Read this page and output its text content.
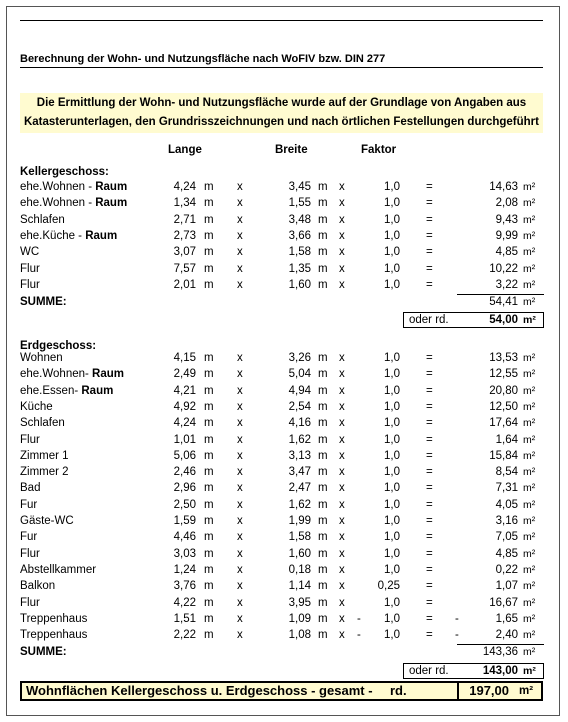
Berechnung der Wohn- und Nutzungsfläche nach WoFIV bzw. DIN 277
Die Ermittlung der Wohn- und Nutzungsfläche wurde auf der Grundlage von Angaben aus
Katasterunterlagen, den Grundrisszeichnungen und nach örtlichen Festellungen durchgeführt
Lange	Breite	Faktor
Kellergeschoss:
ehe.Wohnen - Raum	4,24 m x	3,45 m x	1,0 =	14,63 m²
ehe.Wohnen - Raum	1,34 m x	1,55 m x	1,0 =	2,08 m²
Schlafen	2,71 m x	3,48 m x	1,0 =	9,43 m²
ehe.Küche - Raum	2,73 m x	3,66 m x	1,0 =	9,99 m²
WC	3,07 m x	1,58 m x	1,0 =	4,85 m²
Flur	7,57 m x	1,35 m x	1,0 =	10,22 m²
Flur	2,01 m x	1,60 m x	1,0 =	3,22 m²
SUMME:	54,41 m²
oder rd.	54,00 m²
Erdgeschoss:
Wohnen	4,15 m x	3,26 m x	1,0 =	13,53 m²
ehe.Wohnen- Raum	2,49 m x	5,04 m x	1,0 =	12,55 m²
ehe.Essen- Raum	4,21 m x	4,94 m x	1,0 =	20,80 m²
Küche	4,92 m x	2,54 m x	1,0 =	12,50 m²
Schlafen	4,24 m x	4,16 m x	1,0 =	17,64 m²
Flur	1,01 m x	1,62 m x	1,0 =	1,64 m²
Zimmer 1	5,06 m x	3,13 m x	1,0 =	15,84 m²
Zimmer 2	2,46 m x	3,47 m x	1,0 =	8,54 m²
Bad	2,96 m x	2,47 m x	1,0 =	7,31 m²
Fur	2,50 m x	1,62 m x	1,0 =	4,05 m²
Gäste-WC	1,59 m x	1,99 m x	1,0 =	3,16 m²
Fur	4,46 m x	1,58 m x	1,0 =	7,05 m²
Flur	3,03 m x	1,60 m x	1,0 =	4,85 m²
Abstellkammer	1,24 m x	0,18 m x	1,0 =	0,22 m²
Balkon	3,76 m x	1,14 m x	0,25 =	1,07 m²
Flur	4,22 m x	3,95 m x	1,0 =	16,67 m²
Treppenhaus	1,51 m x	1,09 m x -	1,0 = -	1,65 m²
Treppenhaus	2,22 m x	1,08 m x -	1,0 = -	2,40 m²
SUMME:	143,36 m²
oder rd.	143,00 m²
Wohnflächen Kellergeschoss u. Erdgeschoss - gesamt - rd.	197,00 m²
